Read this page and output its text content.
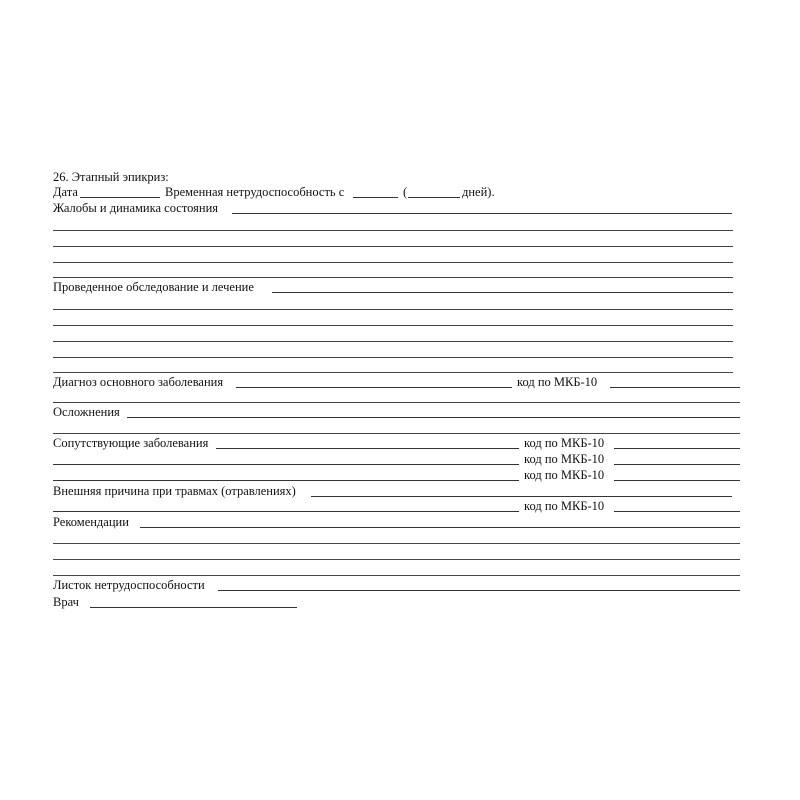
26. Этапный эпикриз:
Дата	Временная нетрудоспособность с	(	дней).
Жалобы и динамика состояния
Проведенное обследование и лечение
Диагноз основного заболевания	код по МКБ-10
Осложнения
Сопутствующие заболевания	код по МКБ-10
код по МКБ-10
код по МКБ-10
Внешняя причина при травмах (отравлениях)
код по МКБ-10
Рекомендации
Листок нетрудоспособности
Врач
